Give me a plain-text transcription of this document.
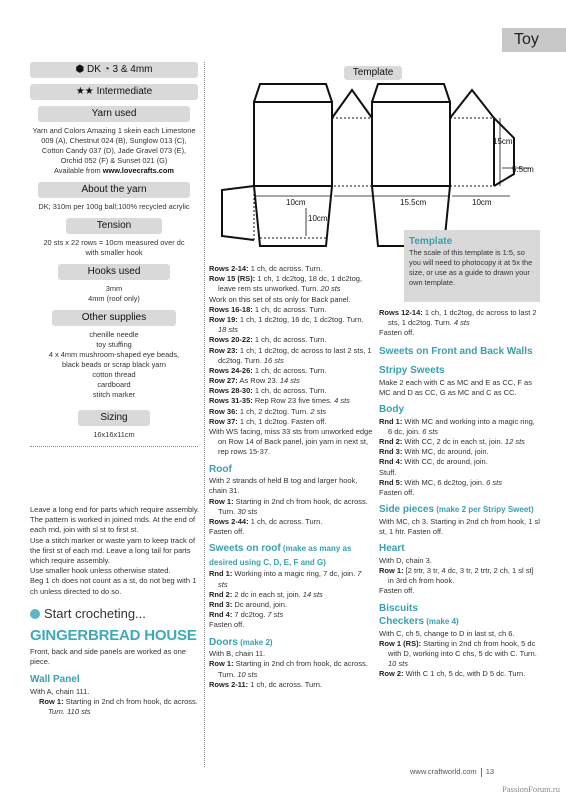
Toy
⬢ DK ◔ 3 & 4mm
★★ Intermediate
Yarn used

Yarn and Colors Amazing 1 skein each Limestone 009 (A), Chestnut 024 (B), Sunglow 013 (C), Cotton Candy 037 (D), Jade Gravel 073 (E), Orchid 052 (F) & Sunset 021 (G)

Available from www.lovecrafts.com

About the yarn

DK; 310m per 100g ball;100% recycled acrylic

Tension

20 sts x 22 rows = 10cm measured over dc with smaller hook

Hooks used

3mm

4mm (roof only)

Other supplies

chenille needle

toy stuffing

4 x 4mm mushroom-shaped eye beads,

black beads or scrap black yarn

cotton thread

cardboard

stitch marker

Sizing

16x16x11cm

Leave a long end for parts which require assembly.

The pattern is worked in joined rnds. At the end of each rnd, join with sl st to first st.

Use a stitch marker or waste yarn to keep track of the first st of each rnd. Leave a long tail for parts which require assembly.

Use smaller hook unless otherwise stated.

Beg 1 ch does not count as a st, do not beg with 1 ch unless directed to do so.

Start crocheting...
GINGERBREAD HOUSE

Front, back and side panels are worked as one piece.

Wall Panel

With A, chain 111.

Row 1: Starting in 2nd ch from hook, dc across. Turn. 110 sts

Template
15cm
5.5cm
10cm	15.5cm	10cm
10cm
Template

The scale of this template is 1:5, so you will need to photocopy it at 5x the size, or use as a guide to drawn your own template.

Rows 2-14: 1 ch, dc across. Turn.

Row 15 (RS): 1 ch, 1 dc2tog, 18 dc, 1 dc2tog, leave rem sts unworked. Turn. 20 sts

Work on this set of sts only for Back panel.

Rows 16-18: 1 ch, dc across. Turn.

Row 19: 1 ch, 1 dc2tog, 16 dc, 1 dc2tog. Turn. 18 sts

Rows 20-22: 1 ch, dc across. Turn.

Row 23: 1 ch, 1 dc2tog, dc across to last 2 sts, 1 dc2tog. Turn. 16 sts

Rows 24-26: 1 ch, dc across. Turn.

Row 27: As Row 23. 14 sts

Rows 28-30: 1 ch, dc across. Turn.

Rows 31-35: Rep Row 23 five times. 4 sts

Row 36: 1 ch, 2 dc2tog. Turn. 2 sts

Row 37: 1 ch, 1 dc2tog. Fasten off.

With WS facing, miss 33 sts from unworked edge on Row 14 of Back panel, join yarn in next st, rep rows 15-37.

Roof

With 2 strands of held B tog and larger hook, chain 31.

Row 1: Starting in 2nd ch from hook, dc across. Turn. 30 sts

Rows 2-44: 1 ch, dc across. Turn.

Fasten off.

Sweets on roof (make as many as desired using C, D, E, F and G)

Rnd 1: Working into a magic ring, 7 dc, join. 7 sts

Rnd 2: 2 dc in each st, join. 14 sts

Rnd 3: Dc around, join.

Rnd 4: 7 dc2tog. 7 sts

Fasten off.

Doors (make 2)

With B, chain 11.

Row 1: Starting in 2nd ch from hook, dc across. Turn. 10 sts

Rows 2-11: 1 ch, dc across. Turn.

Rows 12-14: 1 ch, 1 dc2tog, dc across to last 2 sts, 1 dc2tog. Turn. 4 sts

Fasten off.

Sweets on Front and Back Walls
Stripy Sweets

Make 2 each with C as MC and E as CC, F as MC and D as CC, G as MC and C as CC.

Body

Rnd 1: With MC and working into a magic ring, 6 dc, join. 6 sts

Rnd 2: With CC, 2 dc in each st, join. 12 sts

Rnd 3: With MC, dc around, join.

Rnd 4: With CC, dc around, join.

Stuff.

Rnd 5: With MC, 6 dc2tog, join. 6 sts

Fasten off.

Side pieces (make 2 per Stripy Sweet)

With MC, ch 3. Starting in 2nd ch from hook, 1 sl st, 1 htr. Fasten off.

Heart

With D, chain 3.

Row 1: [2 trtr, 3 tr, 4 dc, 3 tr, 2 trtr, 2 ch, 1 sl st] in 3rd ch from hook.

Fasten off.

Biscuits
Checkers (make 4)

With C, ch 5, change to D in last st, ch 6.

Row 1 (RS): Starting in 2nd ch from hook, 5 dc with D, working into C chs, 5 dc with C. Turn. 10 sts

Row 2: With C 1 ch, 5 dc, with D 5 dc. Turn.

www.craftworld.com 13
PassionForum.ru
